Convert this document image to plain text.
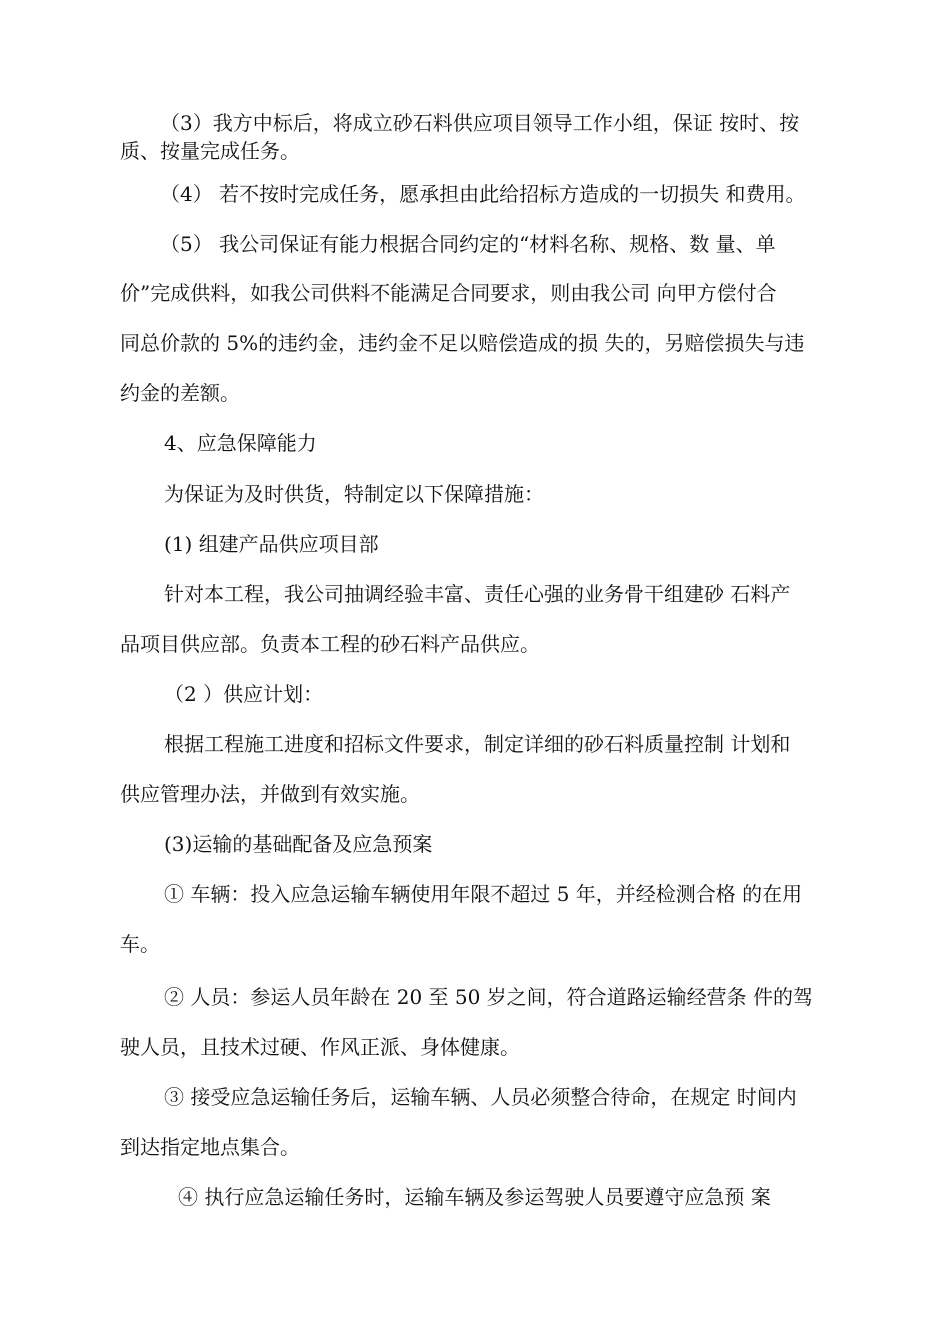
（3）我方中标后，将成立砂石料供应项目领导工作小组，保证 按时、按
质、按量完成任务。
（4） 若不按时完成任务，愿承担由此给招标方造成的一切损失 和费用。
（5） 我公司保证有能力根据合同约定的“材料名称、规格、数 量、单
价”完成供料，如我公司供料不能满足合同要求，则由我公司 向甲方偿付合
同总价款的 5%的违约金，违约金不足以赔偿造成的损 失的，另赔偿损失与违
约金的差额。
4、应急保障能力
为保证为及时供货，特制定以下保障措施：
(1) 组建产品供应项目部
针对本工程，我公司抽调经验丰富、责任心强的业务骨干组建砂 石料产
品项目供应部。负责本工程的砂石料产品供应。
（2 ）供应计划：
根据工程施工进度和招标文件要求，制定详细的砂石料质量控制 计划和
供应管理办法，并做到有效实施。
(3)运输的基础配备及应急预案
① 车辆：投入应急运输车辆使用年限不超过 5 年，并经检测合格 的在用
车。
② 人员：参运人员年龄在 20 至 50 岁之间，符合道路运输经营条 件的驾
驶人员，且技术过硬、作风正派、身体健康。
③ 接受应急运输任务后，运输车辆、人员必须整合待命，在规定 时间内
到达指定地点集合。
④ 执行应急运输任务时，运输车辆及参运驾驶人员要遵守应急预 案
